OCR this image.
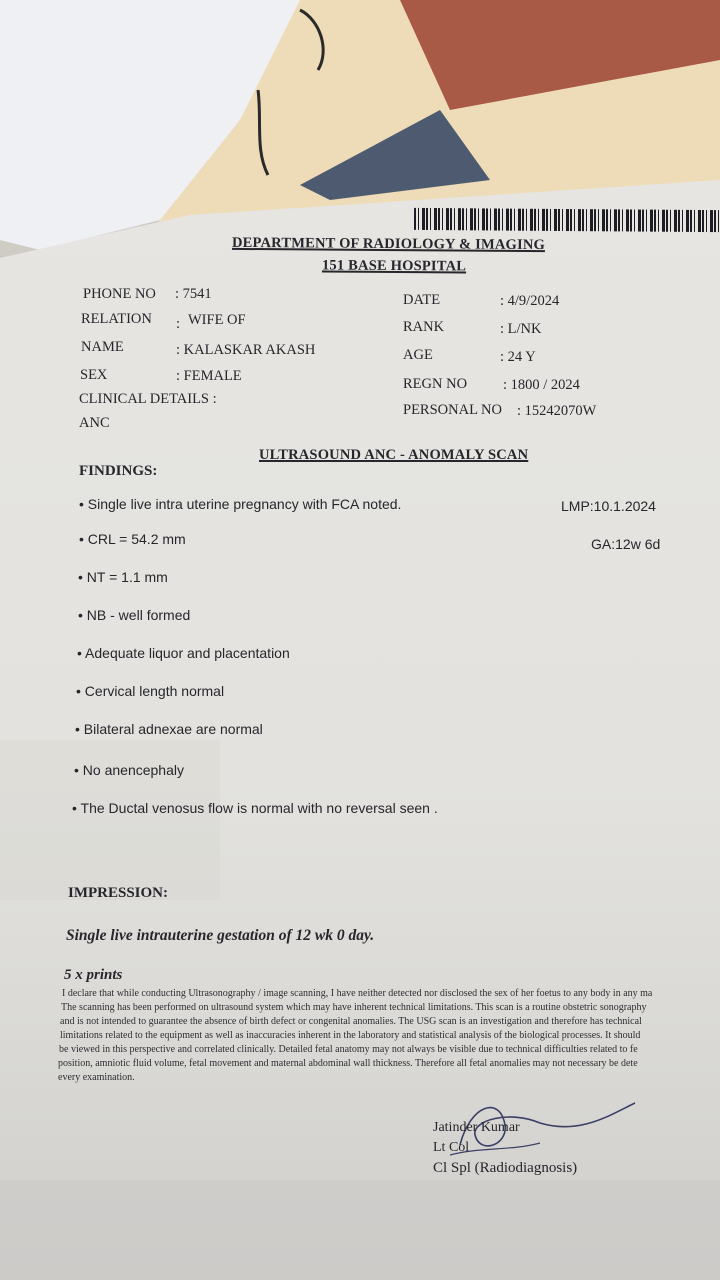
DEPARTMENT OF RADIOLOGY & IMAGING
151 BASE HOSPITAL
PHONE NO : 7541
RELATION : WIFE OF
NAME	: KALASKAR AKASH
SEX	: FEMALE
CLINICAL DETAILS :
ANC
DATE	: 4/9/2024
RANK	: L/NK
AGE	: 24 Y
REGN NO : 1800 / 2024
PERSONAL NO : 15242070W
ULTRASOUND ANC - ANOMALY SCAN
FINDINGS:
LMP:10.1.2024
GA:12w 6d
• Single live intra uterine pregnancy with FCA noted.
• CRL = 54.2 mm
• NT = 1.1 mm
• NB - well formed
• Adequate liquor and placentation
• Cervical length normal
• Bilateral adnexae are normal
• No anencephaly
• The Ductal venosus flow is normal with no reversal seen .
IMPRESSION:
Single live intrauterine gestation of 12 wk 0 day.
5 x prints
I declare that while conducting Ultrasonography / image scanning, I have neither detected nor disclosed the sex of her foetus to any body in any ma
The scanning has been performed on ultrasound system which may have inherent technical limitations. This scan is a routine obstetric sonography
and is not intended to guarantee the absence of birth defect or congenital anomalies. The USG scan is an investigation and therefore has technical
limitations related to the equipment as well as inaccuracies inherent in the laboratory and statistical analysis of the biological processes. It should
be viewed in this perspective and correlated clinically. Detailed fetal anatomy may not always be visible due to technical difficulties related to fe
position, amniotic fluid volume, fetal movement and maternal abdominal wall thickness. Therefore all fetal anomalies may not necessary be dete
every examination.
Jatinder Kumar
Lt Col
Cl Spl (Radiodiagnosis)
